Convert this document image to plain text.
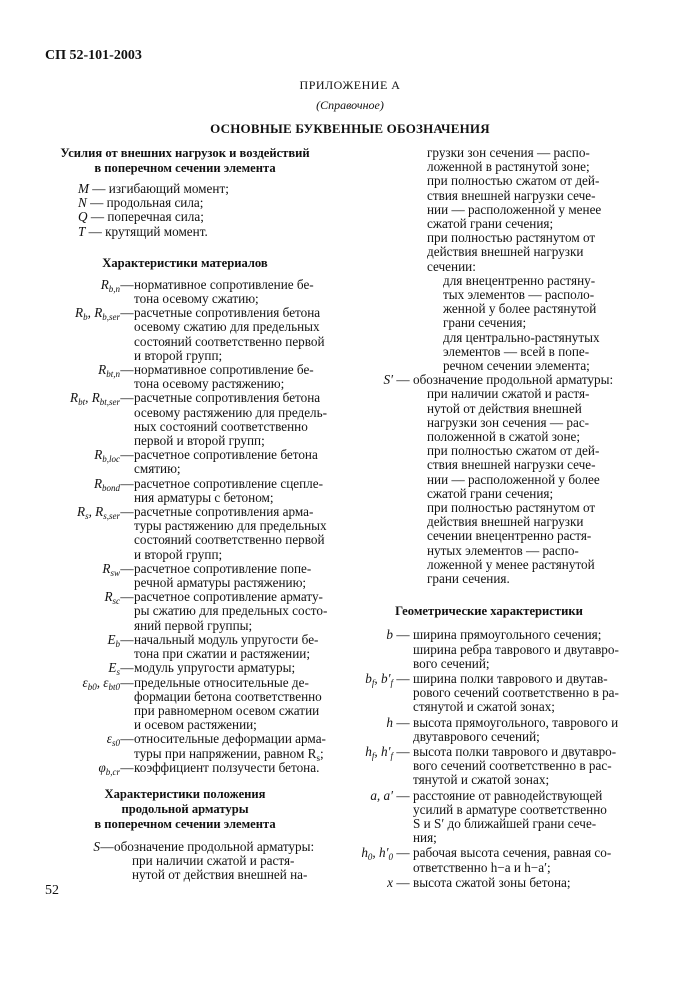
СП 52-101-2003
52
ПРИЛОЖЕНИЕ А
(Справочное)
ОСНОВНЫЕ БУКВЕННЫЕ ОБОЗНАЧЕНИЯ
Усилия от внешних нагрузок и воздействий
в поперечном сечении элемента
M — изгибающий момент;
N — продольная сила;
Q — поперечная сила;
T — крутящий момент.
Характеристики материалов
$R_{b,n}$ — нормативное сопротивление бе-
тона осевому сжатию;
$R_b$, $R_{b,ser}$ — расчетные сопротивления бетона
осевому сжатию для предельных
состояний соответственно первой
и второй групп;
$R_{bt,n}$ — нормативное сопротивление бе-
тона осевому растяжению;
$R_{bt}$, $R_{bt,ser}$ — расчетные сопротивления бетона
осевому растяжению для предель-
ных состояний соответственно
первой и второй групп;
$R_{b,loc}$ — расчетное сопротивление бетона
смятию;
$R_{bond}$ — расчетное сопротивление сцепле-
ния арматуры с бетоном;
$R_s$, $R_{s,ser}$ — расчетные сопротивления арма-
туры растяжению для предельных
состояний соответственно первой
и второй групп;
$R_{sw}$ — расчетное сопротивление попе-
речной арматуры растяжению;
$R_{sc}$ — расчетное сопротивление армату-
ры сжатию для предельных состо-
яний первой группы;
$E_b$ — начальный модуль упругости бе-
тона при сжатии и растяжении;
$E_s$ — модуль упругости арматуры;
$\varepsilon_{b0}$, $\varepsilon_{bt0}$ — предельные относительные де-
формации бетона соответственно
при равномерном осевом сжатии
и осевом растяжении;
$\varepsilon_{s0}$ — относительные деформации арма-
туры при напряжении, равном $R_s$;
$\varphi_{b,cr}$ — коэффициент ползучести бетона.
Характеристики положения
продольной арматуры
в поперечном сечении элемента
S — обозначение продольной арматуры:
при наличии сжатой и растя-
нутой от действия внешней на-
грузки зон сечения — распо-
ложенной в растянутой зоне;
при полностью сжатом от дей-
ствия внешней нагрузки сече-
нии — расположенной у менее
сжатой грани сечения;
при полностью растянутом от
действия внешней нагрузки
сечении:
для внецентренно растяну-
тых элементов — располо-
женной у более растянутой
грани сечения;
для центрально-растянутых
элементов — всей в попе-
речном сечении элемента;
S′ — обозначение продольной арматуры:
при наличии сжатой и растя-
нутой от действия внешней
нагрузки зон сечения — рас-
положенной в сжатой зоне;
при полностью сжатом от дей-
ствия внешней нагрузки сече-
нии — расположенной у более
сжатой грани сечения;
при полностью растянутом от
действия внешней нагрузки
сечении внецентренно растя-
нутых элементов — распо-
ложенной у менее растянутой
грани сечения.
Геометрические характеристики
b — ширина прямоугольного сечения;
ширина ребра таврового и двутавро-
вого сечений;
$b_f$, $b'_f$ — ширина полки таврового и двутав-
рового сечений соответственно в ра-
стянутой и сжатой зонах;
h — высота прямоугольного, таврового и
двутаврового сечений;
$h_f$, $h'_f$ — высота полки таврового и двутавро-
вого сечений соответственно в рас-
тянутой и сжатой зонах;
a, a′ — расстояние от равнодействующей
усилий в арматуре соответственно
S и S′ до ближайшей грани сече-
ния;
$h_0$, $h'_0$ — рабочая высота сечения, равная со-
ответственно h−a и h−a′;
x — высота сжатой зоны бетона;
